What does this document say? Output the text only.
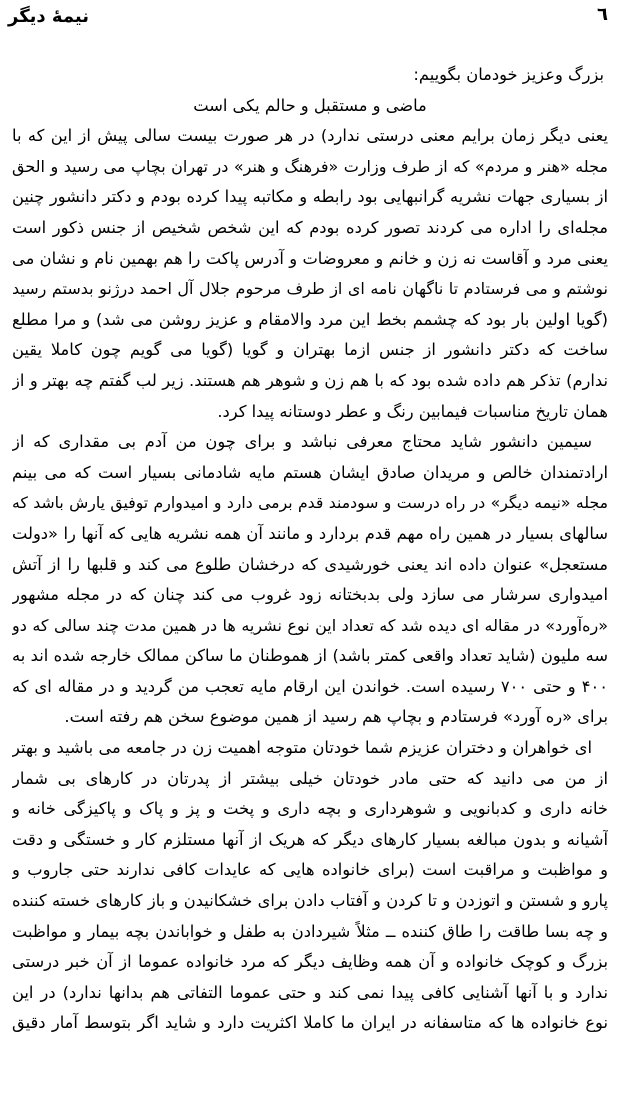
نیمهٔ دیگر	٦
بزرگ وعزیز خودمان بگوییم:
ماضی و مستقبل و حالم یکی است
یعنی دیگر زمان برایم معنی درستی ندارد) در هر صورت بیست سالی پیش از این که با
مجله «هنر و مردم» که از طرف وزارت «فرهنگ و هنر» در تهران بچاپ می رسید و الحق
از بسیاری جهات نشریه گرانبهایی بود رابطه و مکاتبه پیدا کرده بودم و دکتر دانشور چنین
مجله‌ای را اداره می کردند تصور کرده بودم که این شخص شخیص از جنس ذکور است
یعنی مرد و آقاست نه زن و خانم و معروضات و آدرس پاکت را هم بهمین نام و نشان می
نوشتم و می فرستادم تا ناگهان نامه ای از طرف مرحوم جلال آل احمد درژنو بدستم رسید
(گویا اولین بار بود که چشمم بخط این مرد والامقام و عزیز روشن می شد) و مرا مطلع
ساخت که دکتر دانشور از جنس ازما بهتران و گویا (گویا می گویم چون کاملا یقین
ندارم) تذکر هم داده شده بود که با هم زن و شوهر هم هستند. زیر لب گفتم چه بهتر و از
همان تاریخ مناسبات فیمابین رنگ و عطر دوستانه پیدا کرد.
سیمین دانشور شاید محتاج معرفی نباشد و برای چون من آدم بی مقداری که از
ارادتمندان خالص و مریدان صادق ایشان هستم مایه شادمانی بسیار است که می بینم
مجله «نیمه دیگر» در راه درست و سودمند قدم برمی دارد و امیدوارم توفیق یارش باشد که
سالهای بسیار در همین راه مهم قدم بردارد و مانند آن همه نشریه هایی که آنها را «دولت
مستعجل» عنوان داده اند یعنی خورشیدی که درخشان طلوع می کند و قلبها را از آتش
امیدواری سرشار می سازد ولی بدبختانه زود غروب می کند چنان که در مجله مشهور
«ره‌آورد» در مقاله ای دیده شد که تعداد این نوع نشریه ها در همین مدت چند سالی که دو
سه ملیون (شاید تعداد واقعی کمتر باشد) از هموطنان ما ساکن ممالک خارجه شده اند به
۴۰۰ و حتی ۷۰۰ رسیده است. خواندن این ارقام مایه تعجب من گردید و در مقاله ای که
برای «ره آورد» فرستادم و بچاپ هم رسید از همین موضوع سخن هم رفته است.
ای خواهران و دختران عزیزم شما خودتان متوجه اهمیت زن در جامعه می باشید و بهتر
از من می دانید که حتی مادر خودتان خیلی بیشتر از پدرتان در کارهای بی شمار
خانه داری و کدبانویی و شوهرداری و بچه داری و پخت و پز و پاک و پاکیزگی خانه و
آشیانه و بدون مبالغه بسیار کارهای دیگر که هریک از آنها مستلزم کار و خستگی و دقت
و مواظبت و مراقبت است (برای خانواده هایی که عایدات کافی ندارند حتی جاروب و
پارو و شستن و اتوزدن و تا کردن و آفتاب دادن برای خشکانیدن و باز کارهای خسته کننده
و چه بسا طاقت را طاق کننده ــ مثلاً شیردادن به طفل و خواباندن بچه بیمار و مواظبت
بزرگ و کوچک خانواده و آن همه وظایف دیگر که مرد خانواده عموما از آن خبر درستی
ندارد و با آنها آشنایی کافی پیدا نمی کند و حتی عموما التفاتی هم بدانها ندارد) در این
نوع خانواده ها که متاسفانه در ایران ما کاملا اکثریت دارد و شاید اگر بتوسط آمار دقیق
